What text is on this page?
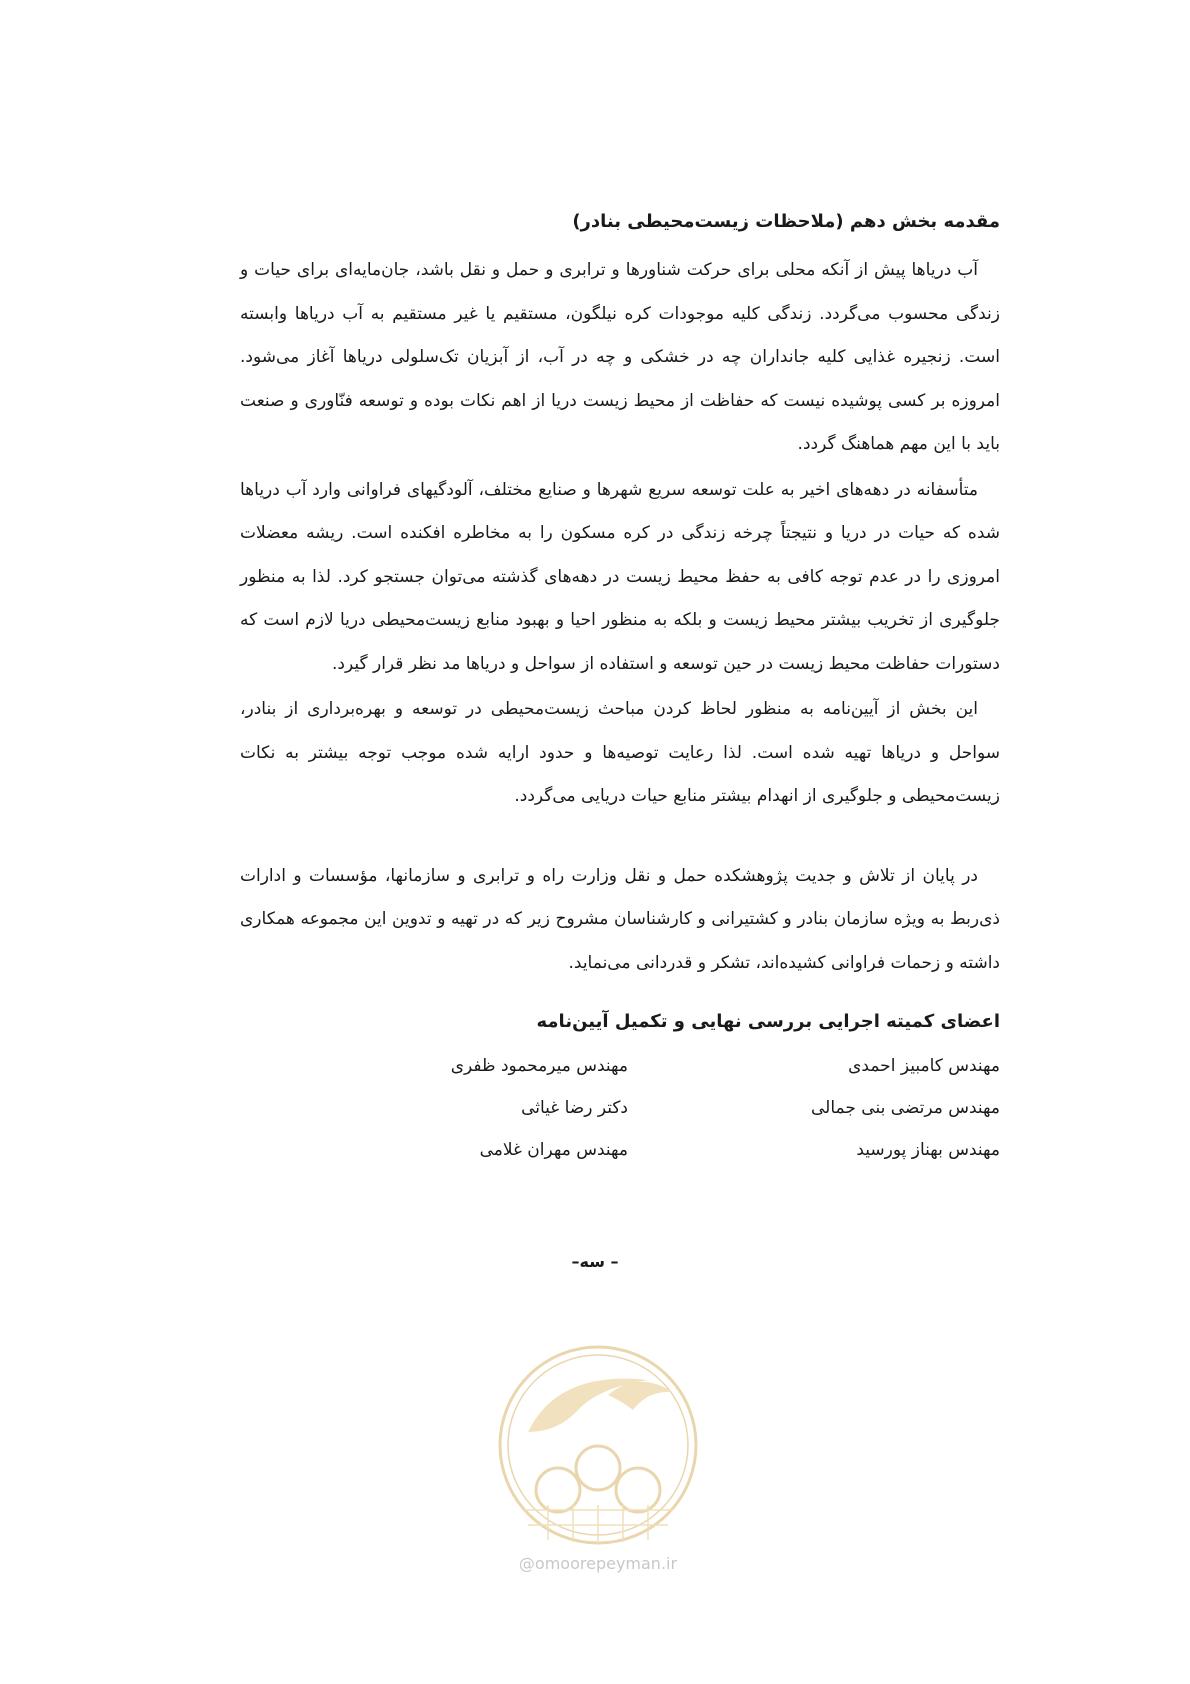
مقدمه بخش دهم (ملاحظات زیست‌محیطی بنادر)

آب دریاها پیش از آنکه محلی برای حرکت شناورها و ترابری و حمل و نقل باشد، جان‌مایه‌ای برای حیات و زندگی محسوب می‌گردد. زندگی کلیه موجودات کره نیلگون، مستقیم یا غیر مستقیم به آب دریاها وابسته است. زنجیره غذایی کلیه جانداران چه در خشکی و چه در آب، از آبزیان تک‌سلولی دریاها آغاز می‌شود. امروزه بر کسی پوشیده نیست که حفاظت از محیط زیست دریا از اهم نکات بوده و توسعه فنّاوری و صنعت باید با این مهم هماهنگ گردد.

متأسفانه در دهه‌های اخیر به علت توسعه سریع شهرها و صنایع مختلف، آلودگیهای فراوانی وارد آب دریاها شده که حیات در دریا و نتیجتاً چرخه زندگی در کره مسکون را به مخاطره افکنده است. ریشه معضلات امروزی را در عدم توجه کافی به حفظ محیط زیست در دهه‌های گذشته می‌توان جستجو کرد. لذا به منظور جلوگیری از تخریب بیشتر محیط زیست و بلکه به منظور احیا و بهبود منابع زیست‌محیطی دریا لازم است که دستورات حفاظت محیط زیست در حین توسعه و استفاده از سواحل و دریاها مد نظر قرار گیرد.

این بخش از آیین‌نامه به منظور لحاظ کردن مباحث زیست‌محیطی در توسعه و بهره‌برداری از بنادر، سواحل و دریاها تهیه شده است. لذا رعایت توصیه‌ها و حدود ارایه شده موجب توجه بیشتر به نکات زیست‌محیطی و جلوگیری از انهدام بیشتر منابع حیات دریایی می‌گردد.

در پایان از تلاش و جدیت پژوهشکده حمل و نقل وزارت راه و ترابری و سازمانها، مؤسسات و ادارات ذی‌ربط به ویژه سازمان بنادر و کشتیرانی و کارشناسان مشروح زیر که در تهیه و تدوین این مجموعه همکاری داشته و زحمات فراوانی کشیده‌اند، تشکر و قدردانی می‌نماید.

اعضای کمیته اجرایی بررسی نهایی و تکمیل آیین‌نامه
مهندس کامبیز احمدی
مهندس میرمحمود ظفری
مهندس مرتضی بنی جمالی
دکتر رضا غیاثی
مهندس بهناز پورسید
مهندس مهران غلامی
– سه–
@omoorepeyman.ir
